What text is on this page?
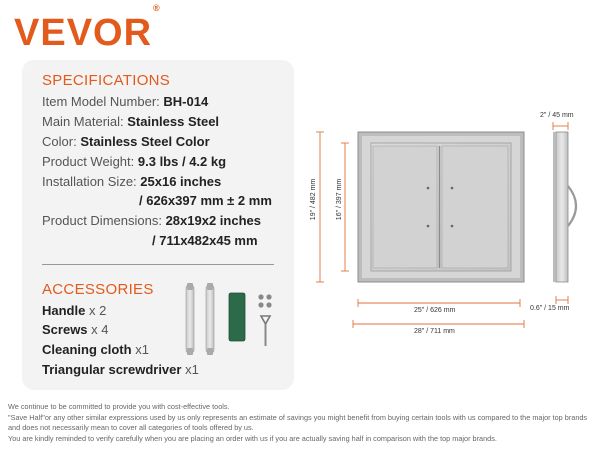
VEVOR®
SPECIFICATIONS
Item Model Number: BH-014
Main Material: Stainless Steel
Color: Stainless Steel Color
Product Weight: 9.3 lbs / 4.2 kg
Installation Size: 25x16 inches
/ 626x397 mm ± 2 mm
Product Dimensions: 28x19x2 inches
/ 711x482x45 mm
ACCESSORIES
Handle x 2
Screws x 4
Cleaning cloth x1
Triangular screwdriver x1
19" / 482 mm	16" / 397 mm
25" / 626 mm
28" / 711 mm
2" / 45 mm
0.6" / 15 mm
We continue to be committed to provide you with cost-effective tools.
"Save Half"or any other similar expressions used by us only represents an estimate of savings you might benefit from buying certain tools with us compared to the major top brands and does not necessarily mean to cover all categories of tools offered by us.
You are kindly reminded to verify carefully when you are placing an order with us if you are actually saving half in comparison with the top major brands.
